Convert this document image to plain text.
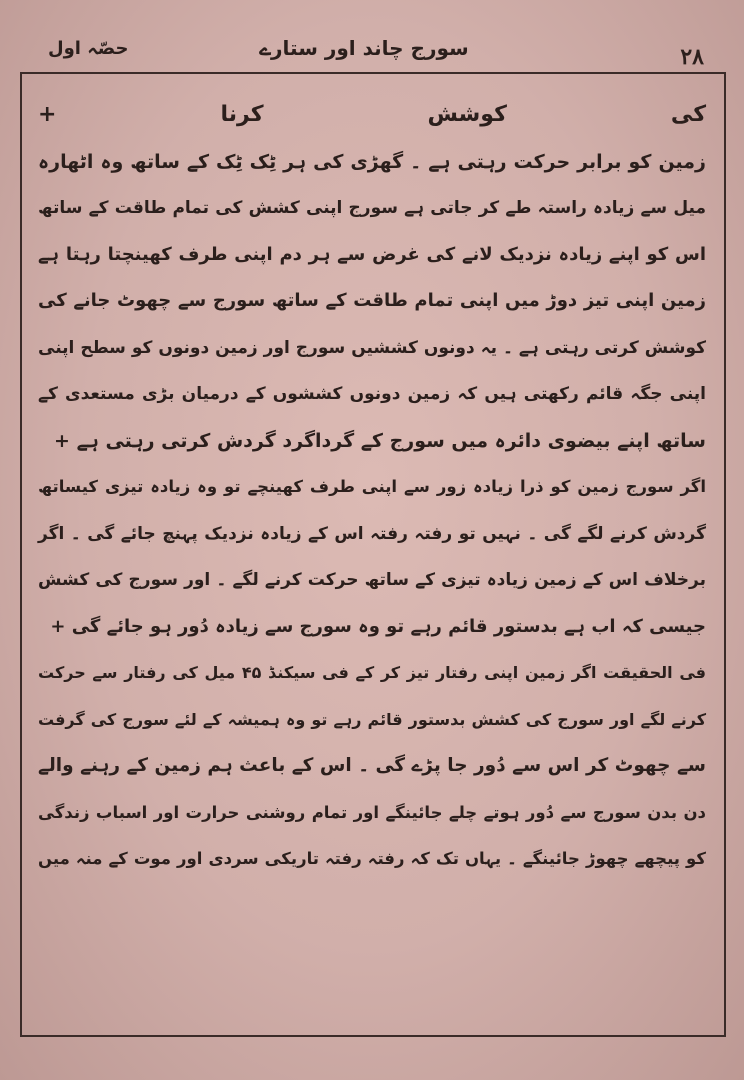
حصّہ اول	سورج چاند اور ستارے	۲۸
کی کوشش کرنا +
زمین کو برابر حرکت رہتی ہے ۔ گھڑی کی ہر ٹِک ٹِک کے ساتھ وہ اٹھارہ
میل سے زیادہ راستہ طے کر جاتی ہے سورج اپنی کشش کی تمام طاقت کے ساتھ
اس کو اپنے زیادہ نزدیک لانے کی غرض سے ہر دم اپنی طرف کھینچتا رہتا ہے
زمین اپنی تیز دوڑ میں اپنی تمام طاقت کے ساتھ سورج سے چھوٹ جانے کی
کوشش کرتی رہتی ہے ۔ یہ دونوں کششیں سورج اور زمین دونوں کو سطح اپنی
اپنی جگہ قائم رکھتی ہیں کہ زمین دونوں کششوں کے درمیان بڑی مستعدی کے
ساتھ اپنے بیضوی دائرہ میں سورج کے گرداگرد گردش کرتی رہتی ہے +
اگر سورج زمین کو ذرا زیادہ زور سے اپنی طرف کھینچے تو وہ زیادہ تیزی کیساتھ
گردش کرنے لگے گی ۔ نہیں تو رفتہ رفتہ اس کے زیادہ نزدیک پہنچ جائے گی ۔ اگر
برخلاف اس کے زمین زیادہ تیزی کے ساتھ حرکت کرنے لگے ۔ اور سورج کی کشش
جیسی کہ اب ہے بدستور قائم رہے تو وہ سورج سے زیادہ دُور ہو جائے گی +
فی الحقیقت اگر زمین اپنی رفتار تیز کر کے فی سیکنڈ ۴۵ میل کی رفتار سے حرکت
کرنے لگے اور سورج کی کشش بدستور قائم رہے تو وہ ہمیشہ کے لئے سورج کی گرفت
سے چھوٹ کر اس سے دُور جا پڑے گی ۔ اس کے باعث ہم زمین کے رہنے والے
دن بدن سورج سے دُور ہوتے چلے جائینگے اور تمام روشنی حرارت اور اسباب زندگی
کو پیچھے چھوڑ جائینگے ۔ یہاں تک کہ رفتہ رفتہ تاریکی سردی اور موت کے منہ میں
